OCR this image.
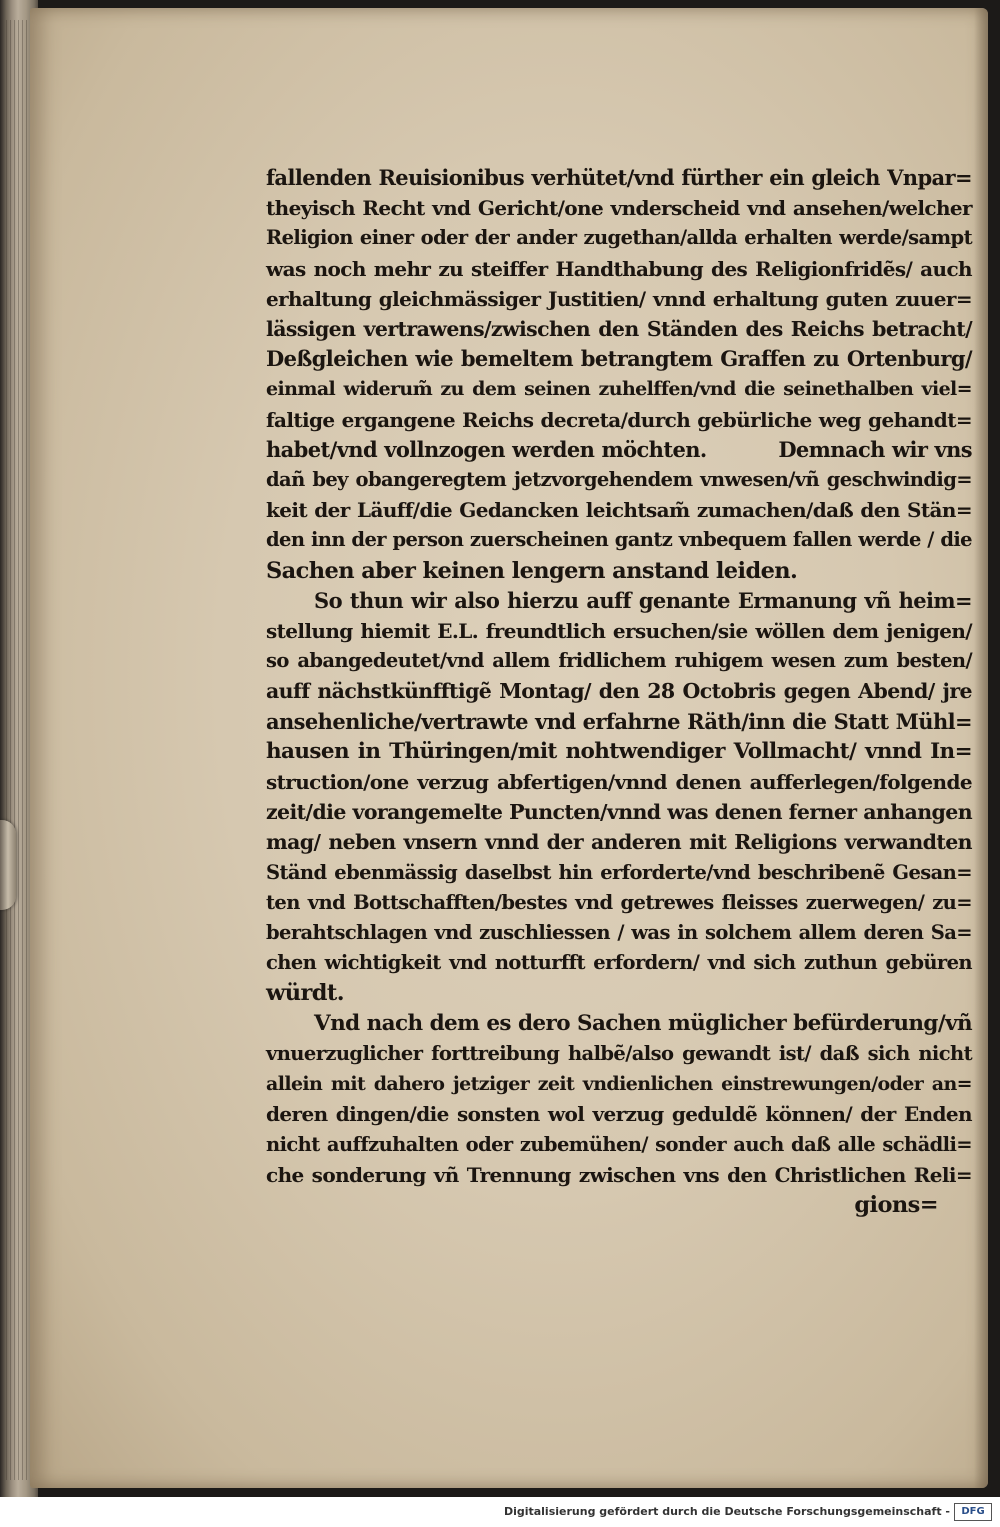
fallenden Reuisionibus verhütet/vnd fürther ein gleich Vnpar=
theyisch Recht vnd Gericht/one vnderscheid vnd ansehen/welcher
Religion einer oder der ander zugethan/allda erhalten werde/sampt
was noch mehr zu steiffer Handthabung des Religionfridẽs/ auch
erhaltung gleichmässiger Justitien/ vnnd erhaltung guten zuuer=
lässigen vertrawens/zwischen den Ständen des Reichs betracht/
Deßgleichen wie bemeltem betrangtem Graffen zu Ortenburg/
einmal widerum̃ zu dem seinen zuhelffen/vnd die seinethalben viel=
faltige ergangene Reichs decreta/durch gebürliche weg gehandt=
habet/vnd vollnzogen werden möchten.          Demnach wir vns
dañ bey obangeregtem jetzvorgehendem vnwesen/vñ geschwindig=
keit der Läuff/die Gedancken leichtsam̃ zumachen/daß den Stän=
den inn der person zuerscheinen gantz vnbequem fallen werde / die
Sachen aber keinen lengern anstand leiden.
So thun wir also hierzu auff genante Ermanung vñ heim=
stellung hiemit E.L. freundtlich ersuchen/sie wöllen dem jenigen/
so abangedeutet/vnd allem fridlichem ruhigem wesen zum besten/
auff nächstkünfftigẽ Montag/ den 28 Octobris gegen Abend/ jre
ansehenliche/vertrawte vnd erfahrne Räth/inn die Statt Mühl=
hausen in Thüringen/mit nohtwendiger Vollmacht/ vnnd In=
struction/one verzug abfertigen/vnnd denen aufferlegen/folgende
zeit/die vorangemelte Puncten/vnnd was denen ferner anhangen
mag/ neben vnsern vnnd der anderen mit Religions verwandten
Ständ ebenmässig daselbst hin erforderte/vnd beschribenẽ Gesan=
ten vnd Bottschafften/bestes vnd getrewes fleisses zuerwegen/ zu=
berahtschlagen vnd zuschliessen / was in solchem allem deren Sa=
chen wichtigkeit vnd notturfft erfordern/ vnd sich zuthun gebüren
würdt.
Vnd nach dem es dero Sachen müglicher befürderung/vñ
vnuerzuglicher forttreibung halbẽ/also gewandt ist/ daß sich nicht
allein mit dahero jetziger zeit vndienlichen einstrewungen/oder an=
deren dingen/die sonsten wol verzug geduldẽ können/ der Enden
nicht auffzuhalten oder zubemühen/ sonder auch daß alle schädli=
che sonderung vñ Trennung zwischen vns den Christlichen Reli=
gions=
Digitalisierung gefördert durch die Deutsche Forschungsgemeinschaft -	DFG
